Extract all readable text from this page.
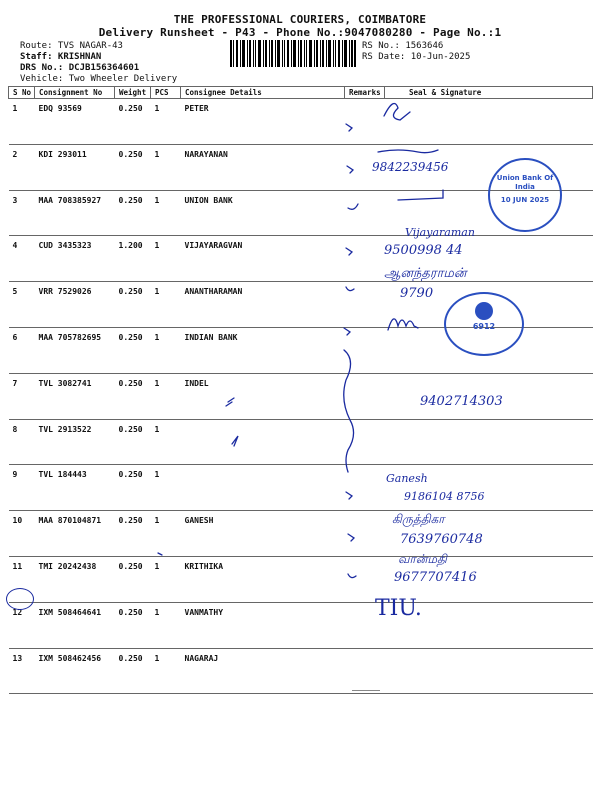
THE PROFESSIONAL COURIERS, COIMBATORE
Delivery Runsheet - P43 - Phone No.:9047080280 - Page No.:1
Route: TVS NAGAR-43
Staff: KRISHNAN
DRS No.: DCJB156364601
Vehicle: Two Wheeler Delivery
RS No.: 1563646
RS Date: 10-Jun-2025
S No	Consignment No	Weight	PCS	Consignee Details	Remarks	Seal & Signature
1	EDQ 93569	0.250	1	PETER		
2	KDI 293011	0.250	1	NARAYANAN		
3	MAA 708385927	0.250	1	UNION BANK		
4	CUD 3435323	1.200	1	VIJAYARAGVAN		
5	VRR 7529026	0.250	1	ANANTHARAMAN		
6	MAA 705782695	0.250	1	INDIAN BANK		
7	TVL 3082741	0.250	1	INDEL		
8	TVL 2913522	0.250	1			
9	TVL 184443	0.250	1			
10	MAA 870104871	0.250	1	GANESH		
11	TMI 20242438	0.250	1	KRITHIKA		
12	IXM 508464641	0.250	1	VANMATHY		
13	IXM 508462456	0.250	1	NAGARAJ		
9842239456
Vijayaraman
9500998 44
ஆனந்தராமன்
9790
9402714303
Ganesh
9186104 8756
கிருத்திகா
7639760748
வான்மதி
9677707416
TIU.
Union Bank Of India
10 JUN 2025
6912
